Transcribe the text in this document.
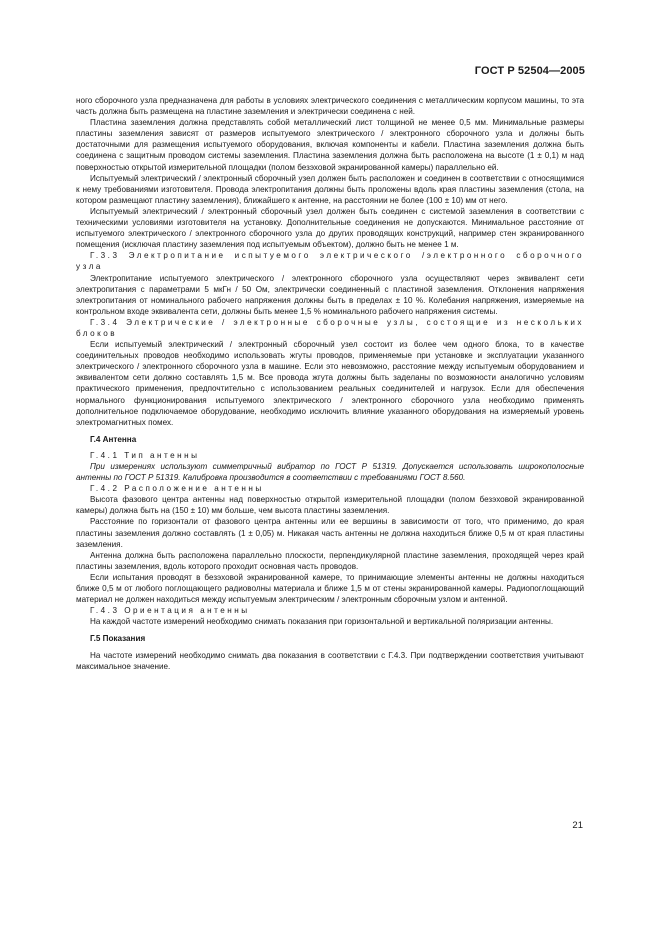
ГОСТ Р 52504—2005

ного сборочного узла предназначена для работы в условиях электрического соединения с металлическим корпусом машины, то эта часть должна быть размещена на пластине заземления и электрически соединена с ней.

Пластина заземления должна представлять собой металлический лист толщиной не менее 0,5 мм. Минимальные размеры пластины заземления зависят от размеров испытуемого электрического / электронного сборочного узла и должны быть достаточными для размещения испытуемого оборудования, включая компоненты и кабели. Пластина заземления должна быть соединена с защитным проводом системы заземления. Пластина заземления должна быть расположена на высоте (1 ± 0,1) м над поверхностью открытой измерительной площадки (полом безэховой экранированной камеры) параллельно ей.

Испытуемый электрический / электронный сборочный узел должен быть расположен и соединен в соответствии с относящимися к нему требованиями изготовителя. Провода электропитания должны быть проложены вдоль края пластины заземления (стола, на котором размещают пластину заземления), ближайшего к антенне, на расстоянии не более (100 ± 10) мм от него.

Испытуемый электрический / электронный сборочный узел должен быть соединен с системой заземления в соответствии с техническими условиями изготовителя на установку. Дополнительные соединения не допускаются. Минимальное расстояние от испытуемого электрического / электронного сборочного узла до других проводящих конструкций, например стен экранированного помещения (исключая пластину заземления под испытуемым объектом), должно быть не менее 1 м.

Г.3.3 Электропитание испытуемого электрического /электронного сборочного узла

Электропитание испытуемого электрического / электронного сборочного узла осуществляют через эквивалент сети электропитания с параметрами 5 мкГн / 50 Ом, электрически соединенный с пластиной заземления. Отклонения напряжения электропитания от номинального рабочего напряжения должны быть в пределах ± 10 %. Колебания напряжения, измеряемые на контрольном входе эквивалента сети, должны быть менее 1,5 % номинального рабочего напряжения системы.

Г.3.4 Электрические / электронные сборочные узлы, состоящие из нескольких блоков

Если испытуемый электрический / электронный сборочный узел состоит из более чем одного блока, то в качестве соединительных проводов необходимо использовать жгуты проводов, применяемые при установке и эксплуатации указанного электрического / электронного сборочного узла в машине. Если это невозможно, расстояние между испытуемым оборудованием и эквивалентом сети должно составлять 1,5 м. Все провода жгута должны быть заделаны по возможности аналогично условиям практического применения, предпочтительно с использованием реальных соединителей и нагрузок. Если для обеспечения нормального функционирования испытуемого электрического / электронного сборочного узла необходимо применять дополнительное подключаемое оборудование, необходимо исключить влияние указанного оборудования на измеряемый уровень электромагнитных помех.

Г.4 Антенна

Г.4.1 Тип антенны

При измерениях используют симметричный вибратор по ГОСТ Р 51319. Допускается использовать широкополосные антенны по ГОСТ Р 51319. Калибровка производится в соответствии с требованиями ГОСТ 8.560.

Г.4.2 Расположение антенны

Высота фазового центра антенны над поверхностью открытой измерительной площадки (полом безэховой экранированной камеры) должна быть на (150 ± 10) мм больше, чем высота пластины заземления.

Расстояние по горизонтали от фазового центра антенны или ее вершины в зависимости от того, что применимо, до края пластины заземления должно составлять (1 ± 0,05) м. Никакая часть антенны не должна находиться ближе 0,5 м от края пластины заземления.

Антенна должна быть расположена параллельно плоскости, перпендикулярной пластине заземления, проходящей через край пластины заземления, вдоль которого проходит основная часть проводов.

Если испытания проводят в безэховой экранированной камере, то принимающие элементы антенны не должны находиться ближе 0,5 м от любого поглощающего радиоволны материала и ближе 1,5 м от стены экранированной камеры. Радиопоглощающий материал не должен находиться между испытуемым электрическим / электронным сборочным узлом и антенной.

Г.4.3 Ориентация антенны

На каждой частоте измерений необходимо снимать показания при горизонтальной и вертикальной поляризации антенны.

Г.5 Показания

На частоте измерений необходимо снимать два показания в соответствии с Г.4.3. При подтверждении соответствия учитывают максимальное значение.

21
